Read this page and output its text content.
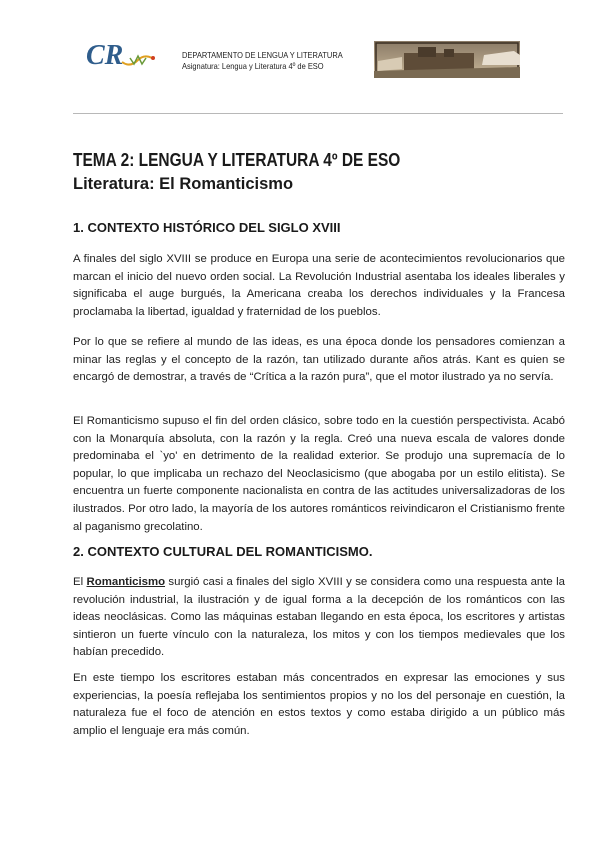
CR	DEPARTAMENTO DE LENGUA Y LITERATURA
Asignatura: Lengua y Literatura 4º de ESO
TEMA 2: LENGUA Y LITERATURA 4º DE ESO
Literatura: El Romanticismo
1. CONTEXTO HISTÓRICO DEL SIGLO XVIII
A finales del siglo XVIII se produce en Europa una serie de acontecimientos revolucionarios que marcan el inicio del nuevo orden social. La Revolución Industrial asentaba los ideales liberales y significaba el auge burgués, la Americana creaba los derechos individuales y la Francesa proclamaba la libertad, igualdad y fraternidad de los pueblos.
Por lo que se refiere al mundo de las ideas, es una época donde los pensadores comienzan a minar las reglas y el concepto de la razón, tan utilizado durante años atrás. Kant es quien se encargó de demostrar, a través de “Crítica a la razón pura”, que el motor ilustrado ya no servía.
El Romanticismo supuso el fin del orden clásico, sobre todo en la cuestión perspectivista. Acabó con la Monarquía absoluta, con la razón y la regla. Creó una nueva escala de valores donde predominaba el `yo' en detrimento de la realidad exterior. Se produjo una supremacía de lo popular, lo que implicaba un rechazo del Neoclasicismo (que abogaba por un estilo elitista). Se encuentra un fuerte componente nacionalista en contra de las actitudes universalizadoras de los ilustrados. Por otro lado, la mayoría de los autores románticos reivindicaron el Cristianismo frente al paganismo grecolatino.
2. CONTEXTO CULTURAL DEL ROMANTICISMO.
El Romanticismo surgió casi a finales del siglo XVIII y se considera como una respuesta ante la revolución industrial, la ilustración y de igual forma a la decepción de los románticos con las ideas neoclásicas. Como las máquinas estaban llegando en esta época, los escritores y artistas sintieron un fuerte vínculo con la naturaleza, los mitos y con los tiempos medievales que los habían precedido.
En este tiempo los escritores estaban más concentrados en expresar las emociones y sus experiencias, la poesía reflejaba los sentimientos propios y no los del personaje en cuestión, la naturaleza fue el foco de atención en estos textos y como estaba dirigido a un público más amplio el lenguaje era más común.
